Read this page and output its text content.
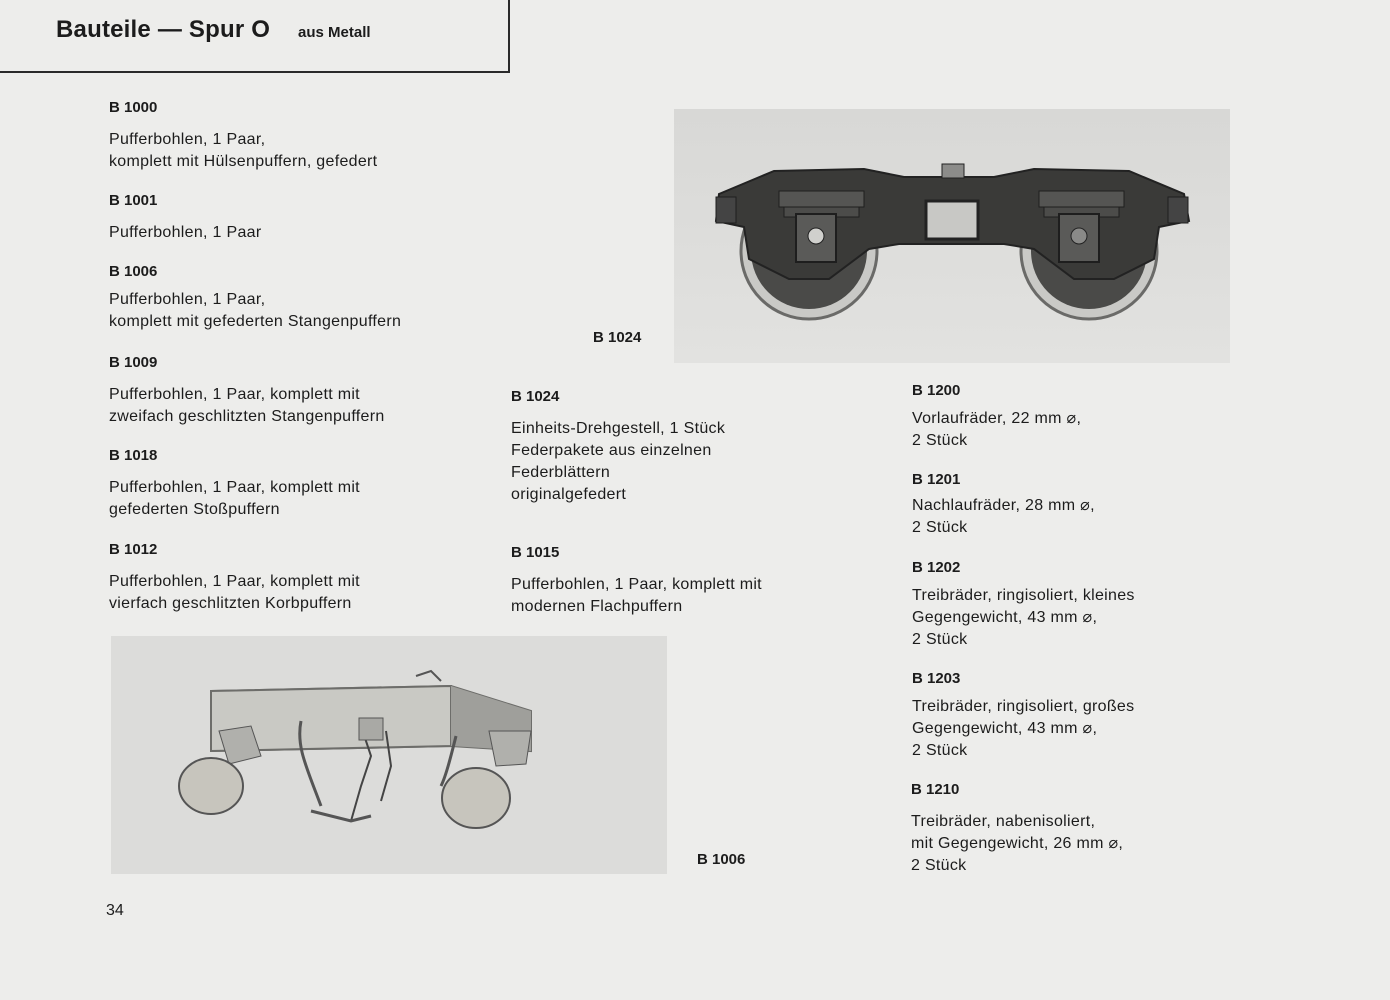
Bauteile — Spur O aus Metall
B 1000
Pufferbohlen, 1 Paar,
komplett mit Hülsenpuffern, gefedert
B 1001
Pufferbohlen, 1 Paar
B 1006
Pufferbohlen, 1 Paar,
komplett mit gefederten Stangenpuffern
B 1009
Pufferbohlen, 1 Paar, komplett mit
zweifach geschlitzten Stangenpuffern
B 1018
Pufferbohlen, 1 Paar, komplett mit
gefederten Stoßpuffern
B 1012
Pufferbohlen, 1 Paar, komplett mit
vierfach geschlitzten Korbpuffern
B 1024
B 1024
Einheits-Drehgestell, 1 Stück
Federpakete aus einzelnen
Federblättern
originalgefedert
B 1015
Pufferbohlen, 1 Paar, komplett mit
modernen Flachpuffern
B 1200
Vorlaufräder, 22 mm ⌀,
2 Stück
B 1201
Nachlaufräder, 28 mm ⌀,
2 Stück
B 1202
Treibräder, ringisoliert, kleines
Gegengewicht, 43 mm ⌀,
2 Stück
B 1203
Treibräder, ringisoliert, großes
Gegengewicht, 43 mm ⌀,
2 Stück
B 1210
Treibräder, nabenisoliert,
mit Gegengewicht, 26 mm ⌀,
2 Stück
B 1006
34
